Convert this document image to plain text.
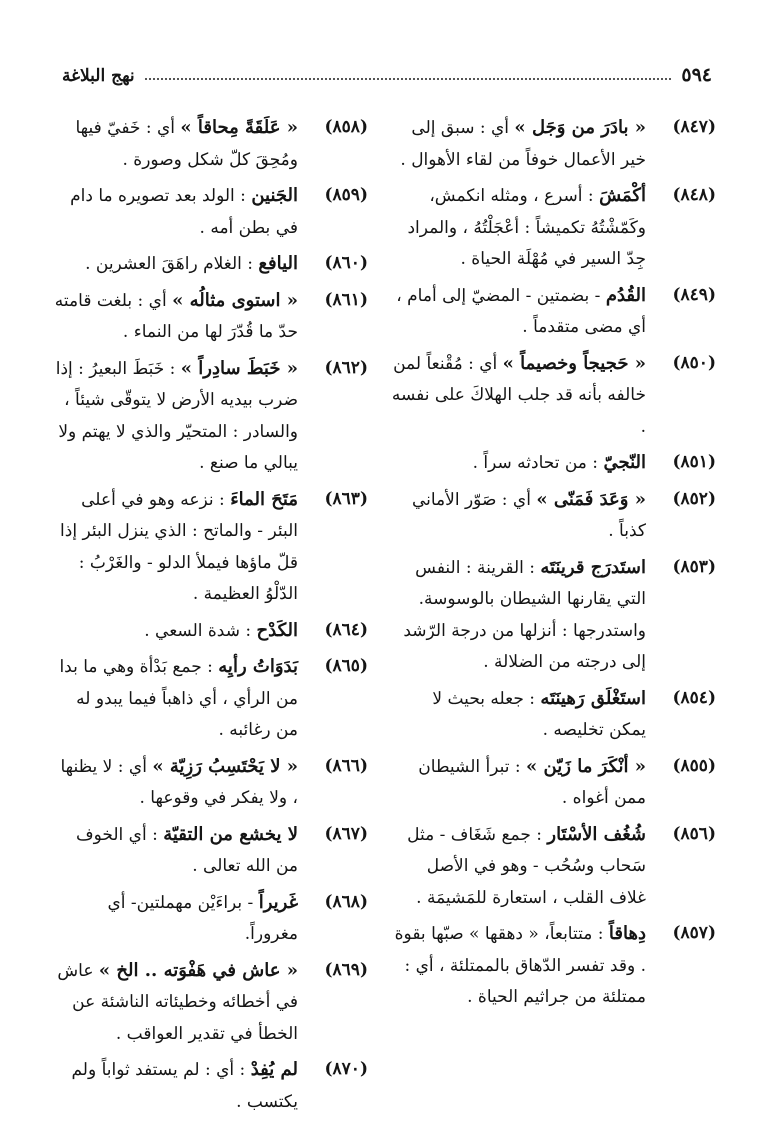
٥٩٤
نهج البلاغة
(٨٤٧)
« بادَرَ من وَجَل » أي : سبق إلى خير الأعمال خوفاً من لقاء الأهوال .
(٨٤٨)
أكْمَشَ : أسرع ، ومثله انكمش، وكَمّشْتُهُ تكميشاً : أعْجَلْتُهُ ، والمراد جِدّ السير في مُهْلَة الحياة .
(٨٤٩)
القُدُم - بضمتين - المضيّ إلى أمام ، أي مضى متقدماً .
(٨٥٠)
« حَجيجاً وخصيماً » أي : مُقْنعاً لمن خالفه بأنه قد جلب الهلاكَ على نفسه .
(٨٥١)
النّجيّ : من تحادثه سراً .
(٨٥٢)
« وَعَدَ فَمَنّى » أي : صَوّر الأماني كذباً .
(٨٥٣)
استَدرَج قرينَتَه : القرينة : النفس التي يقارنها الشيطان بالوسوسة. واستدرجها : أنزلها من درجة الرّشد إلى درجته من الضلالة .
(٨٥٤)
استَغْلَق رَهينَتَه : جعله بحيث لا يمكن تخليصه .
(٨٥٥)
« أنْكَرَ ما زَيّن » : تبرأ الشيطان ممن أغواه .
(٨٥٦)
شُغُف الأسْتَار : جمع شَغَاف - مثل سَحاب وسُحُب - وهو في الأصل غلاف القلب ، استعارة للمَشيمَة .
(٨٥٧)
دِهاقاً : متتابعاً، « دهقها » صبّها بقوة . وقد تفسر الدّهاق بالممتلئة ، أي : ممتلئة من جراثيم الحياة .
(٨٥٨)
« عَلَقَةً مِحاقاً » أي : خَفيّ فيها ومُحِقَ كلّ شكل وصورة .
(٨٥٩)
الجَنين : الولد بعد تصويره ما دام في بطن أمه .
(٨٦٠)
اليافع : الغلام راهَقَ العشرين .
(٨٦١)
« استوى مثالُه » أي : بلغت قامته حدّ ما قُدّرَ لها من النماء .
(٨٦٢)
« خَبَطَ سادِراً » : خَبَطَ البعيرُ : إذا ضرب بيديه الأرض لا يتوقّى شيئاً ، والسادر : المتحيّر والذي لا يهتم ولا يبالي ما صنع .
(٨٦٣)
مَتَحَ الماءَ : نزعه وهو في أعلى البئر - والماتح : الذي ينزل البئر إذا قلّ ماؤها فيملأ الدلو - والغَرْبُ : الدّلْوُ العظيمة .
(٨٦٤)
الكَدْح : شدة السعي .
(٨٦٥)
بَدَوَاتُ رأيِه : جمع بَدْأة وهي ما بدا من الرأي ، أي ذاهباً فيما يبدو له من رغائبه .
(٨٦٦)
« لا يَحْتَسِبُ رَزِيّة » أي : لا يظنها ، ولا يفكر في وقوعها .
(٨٦٧)
لا يخشع من التقيّة : أي الخوف من الله تعالى .
(٨٦٨)
غَريراً - براءَيْن مهملتين- أي مغروراً.
(٨٦٩)
« عاش في هَفْوَته .. الخ » عاش في أخطائه وخطيئاته الناشئة عن الخطأ في تقدير العواقب .
(٨٧٠)
لم يُفِدْ : أي : لم يستفد ثواباً ولم يكتسب .
